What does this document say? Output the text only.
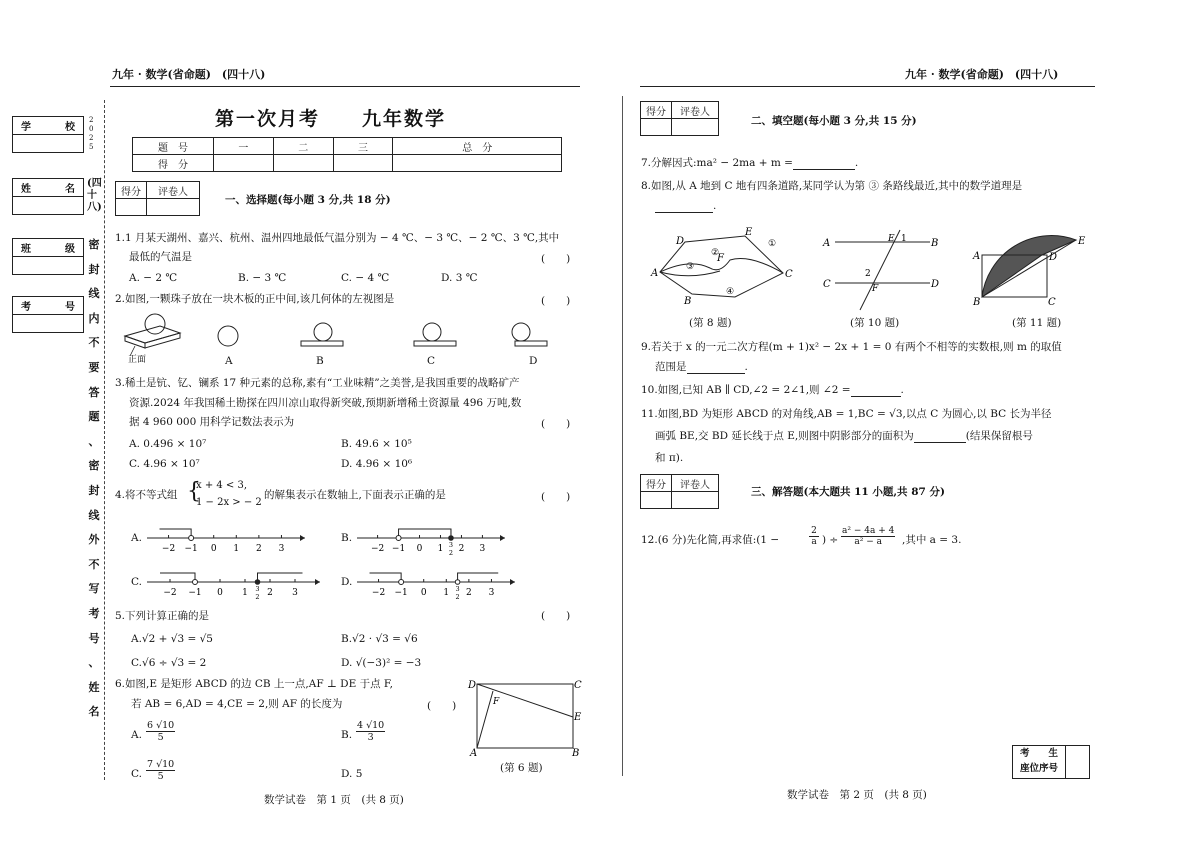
九年 · 数学(省命题)　(四十八)	九年 · 数学(省命题)　(四十八)
学	校
姓	名
班	级
考	号
2025
(四十八)
密
封
线
内
不
要
答
题
、
密
封
线
外
不
写
考
号
、
姓
名
第一次月考　　九年数学
题　号	一	二	三	总　分
得　分				
得分	评卷人

一、选择题(每小题 3 分,共 18 分)
1.1 月某天湖州、嘉兴、杭州、温州四地最低气温分别为 − 4 ℃、− 3 ℃、− 2 ℃、3 ℃,其中
最低的气温是	(　　)
A. − 2 ℃	B. − 3 ℃	C. − 4 ℃	D. 3 ℃
2.如图,一颗珠子放在一块木板的正中间,该几何体的左视图是	(　　)
正面	A	B	C	D
3.稀土是钪、钇、镧系 17 种元素的总称,素有“工业味精”之美誉,是我国重要的战略矿产
资源.2024 年我国稀土勘探在四川凉山取得新突破,预期新增稀土资源量 496 万吨,数
据 4 960 000 用科学记数法表示为	(　　)
A. 0.496 × 10⁷	B. 49.6 × 10⁵
C. 4.96 × 10⁷	D. 4.96 × 10⁶
4.将不等式组 {
x + 4 < 3,
1 − 2x > − 2
的解集表示在数轴上,下面表示正确的是	(　　)
A.	B.
C.	D.
−2 −1 0 1 2 3	−2 −1 0 1 2 3
3
2
−2 −1 0 1 2 3
3
2	−2 −1 0 1 2 3
3
2
5.下列计算正确的是	(　　)
A.√2 + √3 = √5	B.√2 · √3 = √6
C.√6 ÷ √3 = 2	D. √(−3)² = −3
6.如图,E 是矩形 ABCD 的边 CB 上一点,AF ⊥ DE 于点 F,
若 AB = 6,AD = 4,CE = 2,则 AF 的长度为	(　　)
A.
6 √10
5	B.
4 √10
3
C.
7 √10
5	D. 5
D	C
F
E
A	B
(第 6 题)
数学试卷　第 1 页　(共 8 页)
得分	评卷人

二、填空题(每小题 3 分,共 15 分)
7.分解因式:ma² − 2ma + m =	.
8.如图,从 A 地到 C 地有四条道路,某同学认为第 ③ 条路线最近,其中的数学道理是
.
A	C
D
E
F
B
①
②
③
④
(第 8 题)
A	B
C	D
E 1
2
F
(第 10 题)
A	D
B	C
E
(第 11 题)
9.若关于 x 的一元二次方程(m + 1)x² − 2x + 1 = 0 有两个不相等的实数根,则 m 的取值
范围是	.
10.如图,已知 AB ∥ CD,∠2 = 2∠1,则 ∠2 =	.
11.如图,BD 为矩形 ABCD 的对角线,AB = 1,BC = √3,以点 C 为圆心,以 BC 长为半径
画弧 BE,交 BD 延长线于点 E,则图中阴影部分的面积为	(结果保留根号
和 π).
得分	评卷人

三、解答题(本大题共 11 小题,共 87 分)
12.(6 分)先化简,再求值:(1 −
2
a ) ÷
a² − 4a + 4
a² − a	,其中 a = 3.
考　　生
座位序号
数学试卷　第 2 页　(共 8 页)
